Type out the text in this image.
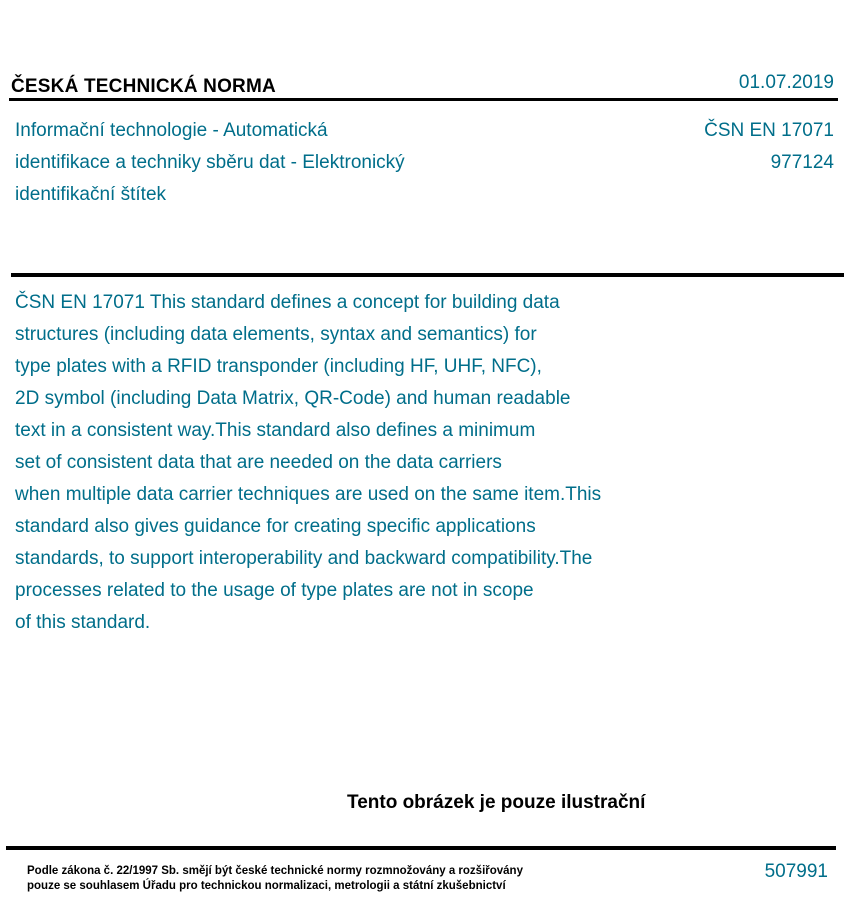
ČESKÁ TECHNICKÁ NORMA	01.07.2019
Informační technologie - Automatická
identifikace a techniky sběru dat - Elektronický
identifikační štítek
ČSN EN 17071
977124
ČSN EN 17071 This standard defines a concept for building data
structures (including data elements, syntax and semantics) for
type plates with a RFID transponder (including HF, UHF, NFC),
2D symbol (including Data Matrix, QR-Code) and human readable
text in a consistent way.This standard also defines a minimum
set of consistent data that are needed on the data carriers
when multiple data carrier techniques are used on the same item.This
standard also gives guidance for creating specific applications
standards, to support interoperability and backward compatibility.The
processes related to the usage of type plates are not in scope
of this standard.
Tento obrázek je pouze ilustrační
Podle zákona č. 22/1997 Sb. smějí být české technické normy rozmnožovány a rozšiřovány
pouze se souhlasem Úřadu pro technickou normalizaci, metrologii a státní zkušebnictví
507991
